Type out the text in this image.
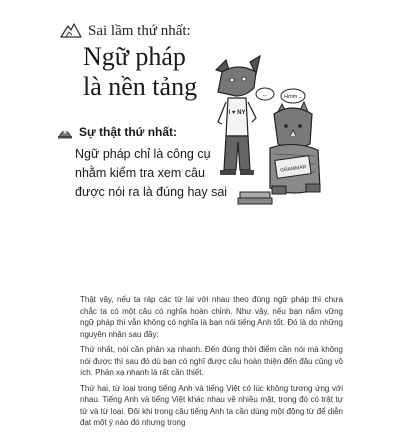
Sai lầm thứ nhất:
Ngữ pháp
là nền tảng
Sự thật thứ nhất:
Ngữ pháp chỉ là công cụ
nhằm kiểm tra xem câu
được nói ra là đúng hay sai
I ♥ NY
...	Hmm...
GRAMMAR

Thật vậy, nếu ta ráp các từ lại với nhau theo đúng ngữ pháp thì chưa chắc ta có một câu có nghĩa hoàn chỉnh. Như vậy, nếu bạn nắm vững ngữ pháp thì vẫn không có nghĩa là bạn nói tiếng Anh tốt. Đó là do những nguyên nhân sau đây:

Thứ nhất, nói cần phản xạ nhanh. Đến đúng thời điểm cần nói mà không nói được thì sau đó dù bạn có nghĩ được câu hoàn thiện đến đâu cũng vô ích. Phản xạ nhanh là rất cần thiết.

Thứ hai, từ loại trong tiếng Anh và tiếng Việt có lúc không tương ứng với nhau. Tiếng Anh và tiếng Việt khác nhau về nhiều mặt, trong đó có trật tự từ và từ loại. Đôi khi trong câu tiếng Anh ta cần dùng một động từ để diễn đạt một ý nào đó nhưng trong
